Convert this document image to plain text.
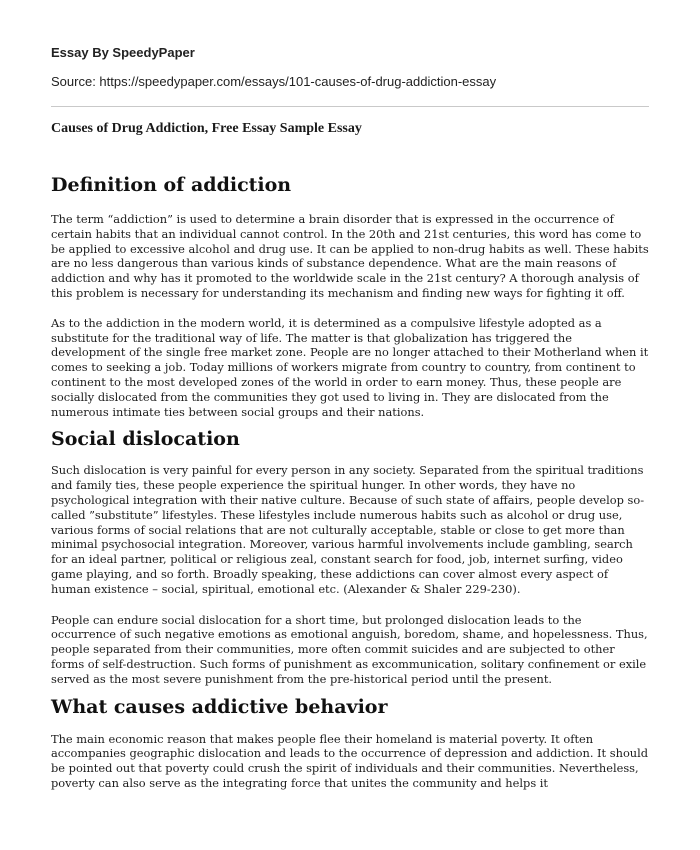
Essay By SpeedyPaper
Source: https://speedypaper.com/essays/101-causes-of-drug-addiction-essay
Causes of Drug Addiction, Free Essay Sample Essay
Definition of addiction

The term “addiction” is used to determine a brain disorder that is expressed in the occurrence of certain habits that an individual cannot control. In the 20th and 21st centuries, this word has come to be applied to excessive alcohol and drug use. It can be applied to non-drug habits as well. These habits are no less dangerous than various kinds of substance dependence. What are the main reasons of addiction and why has it promoted to the worldwide scale in the 21st century? A thorough analysis of this problem is necessary for understanding its mechanism and finding new ways for fighting it off.

As to the addiction in the modern world, it is determined as a compulsive lifestyle adopted as a substitute for the traditional way of life. The matter is that globalization has triggered the development of the single free market zone. People are no longer attached to their Motherland when it comes to seeking a job. Today millions of workers migrate from country to country, from continent to continent to the most developed zones of the world in order to earn money. Thus, these people are socially dislocated from the communities they got used to living in. They are dislocated from the numerous intimate ties between social groups and their nations.

Social dislocation

Such dislocation is very painful for every person in any society. Separated from the spiritual traditions and family ties, these people experience the spiritual hunger. In other words, they have no psychological integration with their native culture. Because of such state of affairs, people develop so-called ”substitute” lifestyles. These lifestyles include numerous habits such as alcohol or drug use, various forms of social relations that are not culturally acceptable, stable or close to get more than minimal psychosocial integration. Moreover, various harmful involvements include gambling, search for an ideal partner, political or religious zeal, constant search for food, job, internet surfing, video game playing, and so forth. Broadly speaking, these addictions can cover almost every aspect of human existence – social, spiritual, emotional etc. (Alexander & Shaler 229-230).

People can endure social dislocation for a short time, but prolonged dislocation leads to the occurrence of such negative emotions as emotional anguish, boredom, shame, and hopelessness. Thus, people separated from their communities, more often commit suicides and are subjected to other forms of self-destruction. Such forms of punishment as excommunication, solitary confinement or exile served as the most severe punishment from the pre-historical period until the present.

What causes addictive behavior

The main economic reason that makes people flee their homeland is material poverty. It often accompanies geographic dislocation and leads to the occurrence of depression and addiction. It should be pointed out that poverty could crush the spirit of individuals and their communities. Nevertheless, poverty can also serve as the integrating force that unites the community and helps it
